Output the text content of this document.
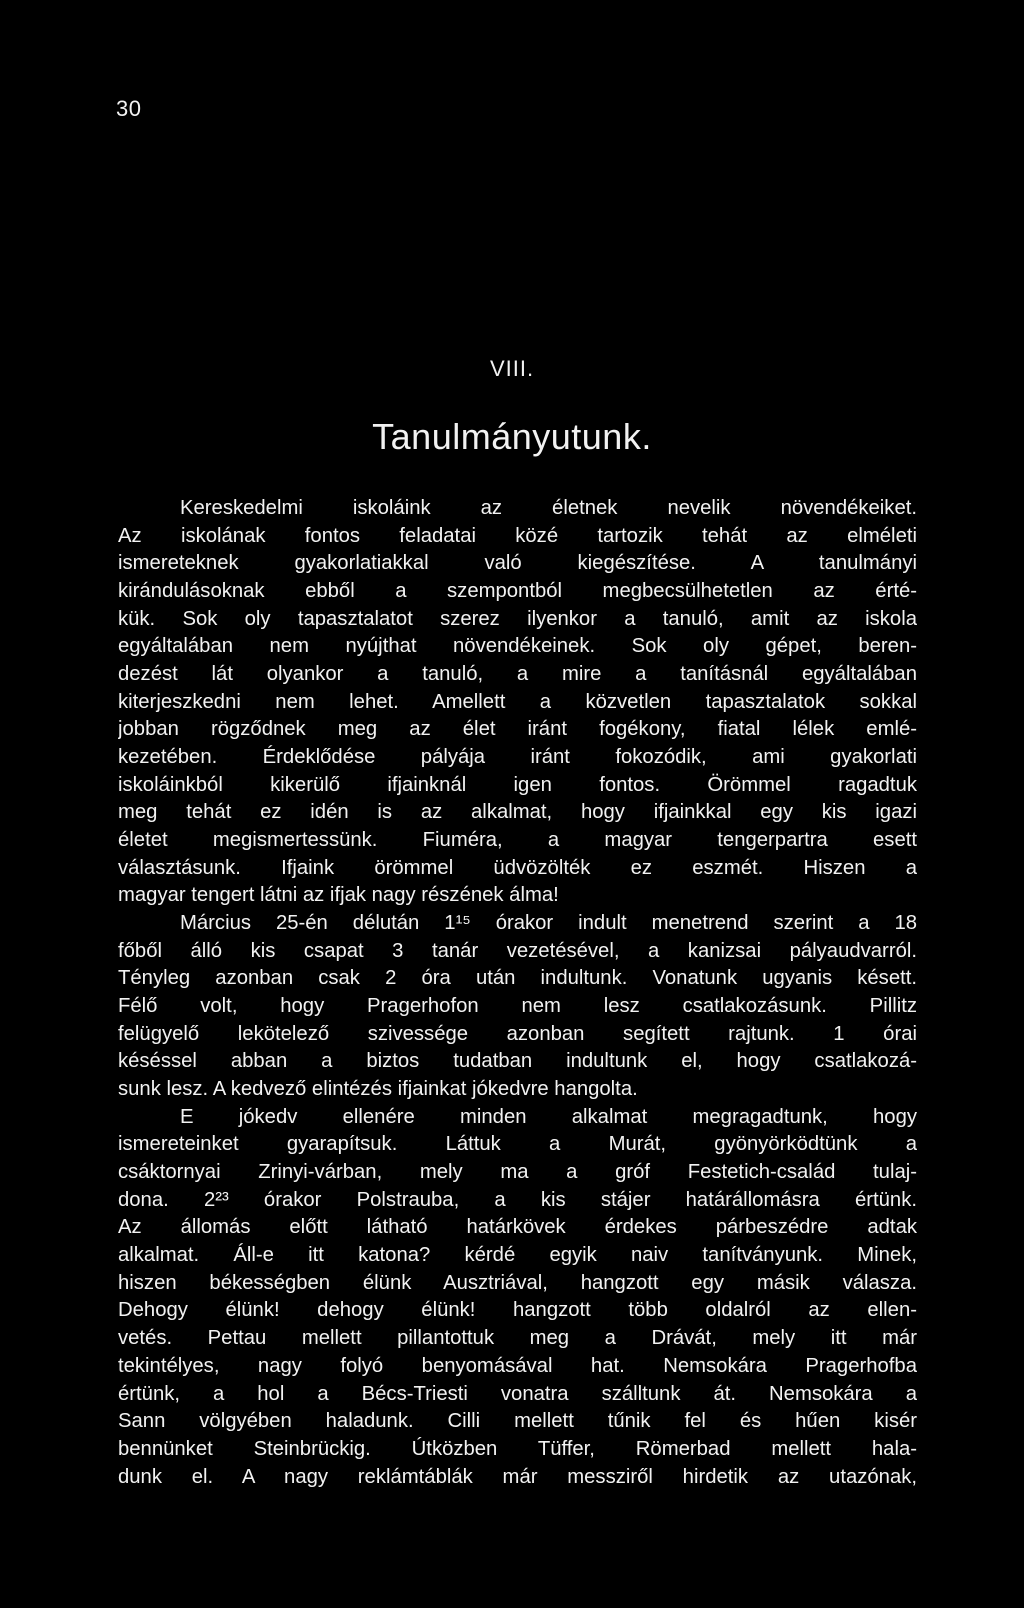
30
VIII.
Tanulmányutunk.
Kereskedelmi iskoláink az életnek nevelik növendékeiket.
Az iskolának fontos feladatai közé tartozik tehát az elméleti
ismereteknek gyakorlatiakkal való kiegészítése. A tanulmányi
kirándulásoknak ebből a szempontból megbecsülhetetlen az érté-
kük. Sok oly tapasztalatot szerez ilyenkor a tanuló, amit az iskola
egyáltalában nem nyújthat növendékeinek. Sok oly gépet, beren-
dezést lát olyankor a tanuló, a mire a tanításnál egyáltalában
kiterjeszkedni nem lehet. Amellett a közvetlen tapasztalatok sokkal
jobban rögződnek meg az élet iránt fogékony, fiatal lélek emlé-
kezetében. Érdeklődése pályája iránt fokozódik, ami gyakorlati
iskoláinkból kikerülő ifjainknál igen fontos. Örömmel ragadtuk
meg tehát ez idén is az alkalmat, hogy ifjainkkal egy kis igazi
életet megismertessünk. Fiuméra, a magyar tengerpartra esett
választásunk. Ifjaink örömmel üdvözölték ez eszmét. Hiszen a
magyar tengert látni az ifjak nagy részének álma!
Március 25-én délután 1¹⁵ órakor indult menetrend szerint a 18
főből álló kis csapat 3 tanár vezetésével, a kanizsai pályaudvarról.
Tényleg azonban csak 2 óra után indultunk. Vonatunk ugyanis késett.
Félő volt, hogy Pragerhofon nem lesz csatlakozásunk. Pillitz
felügyelő lekötelező szivessége azonban segített rajtunk. 1 órai
késéssel abban a biztos tudatban indultunk el, hogy csatlakozá-
sunk lesz. A kedvező elintézés ifjainkat jókedvre hangolta.
E jókedv ellenére minden alkalmat megragadtunk, hogy
ismereteinket gyarapítsuk. Láttuk a Murát, gyönyörködtünk a
csáktornyai Zrinyi-várban, mely ma a gróf Festetich-család tulaj-
dona. 2²³ órakor Polstrauba, a kis stájer határállomásra értünk.
Az állomás előtt látható határkövek érdekes párbeszédre adtak
alkalmat. Áll-e itt katona? kérdé egyik naiv tanítványunk. Minek,
hiszen békességben élünk Ausztriával, hangzott egy másik válasza.
Dehogy élünk! dehogy élünk! hangzott több oldalról az ellen-
vetés. Pettau mellett pillantottuk meg a Drávát, mely itt már
tekintélyes, nagy folyó benyomásával hat. Nemsokára Pragerhofba
értünk, a hol a Bécs-Triesti vonatra szálltunk át. Nemsokára a
Sann völgyében haladunk. Cilli mellett tűnik fel és hűen kisér
bennünket Steinbrückig. Útközben Tüffer, Römerbad mellett hala-
dunk el. A nagy reklámtáblák már messziről hirdetik az utazónak,
